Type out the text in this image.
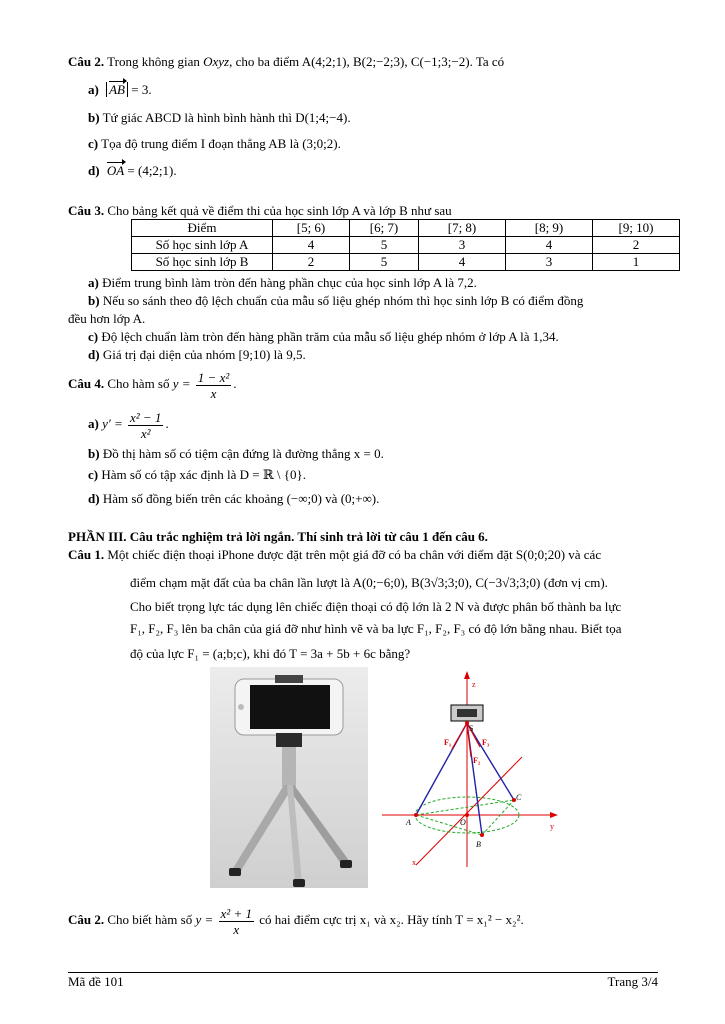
Câu 2. Trong không gian Oxyz, cho ba điểm A(4;2;1), B(2;−2;3), C(−1;3;−2). Ta có
a) AB = 3.
b) Tứ giác ABCD là hình bình hành thì D(1;4;−4).
c) Tọa độ trung điểm I đoạn thẳng AB là (3;0;2).
d) OA = (4;2;1).
Câu 3. Cho bảng kết quả về điểm thi của học sinh lớp A và lớp B như sau
Điểm	[5; 6)	[6; 7)	[7; 8)	[8; 9)	[9; 10)
Số học sinh lớp A	4	5	3	4	2
Số học sinh lớp B	2	5	4	3	1
a) Điểm trung bình làm tròn đến hàng phần chục của học sinh lớp A là 7,2.
b) Nếu so sánh theo độ lệch chuẩn của mẫu số liệu ghép nhóm thì học sinh lớp B có điểm đồng
đều hơn lớp A.
c) Độ lệch chuẩn làm tròn đến hàng phần trăm của mẫu số liệu ghép nhóm ở lớp A là 1,34.
d) Giá trị đại diện của nhóm [9;10) là 9,5.
Câu 4. Cho hàm số $y = \frac{\text{1 − x²}}{x}$ .
a) $y' = \frac{\text{x² − 1}}{\text{x²}}$ .
b) Đồ thị hàm số có tiệm cận đứng là đường thẳng x = 0.
c) Hàm số có tập xác định là D = ℝ \ {0}.
d) Hàm số đồng biến trên các khoảng (−∞;0) và (0;+∞).
PHẦN III. Câu trắc nghiệm trả lời ngắn. Thí sinh trả lời từ câu 1 đến câu 6.
Câu 1. Một chiếc điện thoại iPhone được đặt trên một giá đỡ có ba chân với điểm đặt S(0;0;20) và các
điểm chạm mặt đất của ba chân lần lượt là A(0;−6;0), B(3√3;3;0), C(−3√3;3;0) (đơn vị cm).
Cho biết trọng lực tác dụng lên chiếc điện thoại có độ lớn là 2 N và được phân bố thành ba lực
F₁, F₂, F₃ lên ba chân của giá đỡ như hình vẽ và ba lực F₁, F₂, F₃ có độ lớn bằng nhau. Biết tọa
độ của lực F₁ = (a;b;c), khi đó T = 3a + 5b + 6c bằng?
z
y
x
S
O
A
B
C
F₁	F₃
F₂
Câu 2. Cho biết hàm số $y = \frac{\text{x² + 1}}{x}$ có hai điểm cực trị x₁ và x₂. Hãy tính T = x₁² − x₂².
Mã đề 101	Trang 3/4
